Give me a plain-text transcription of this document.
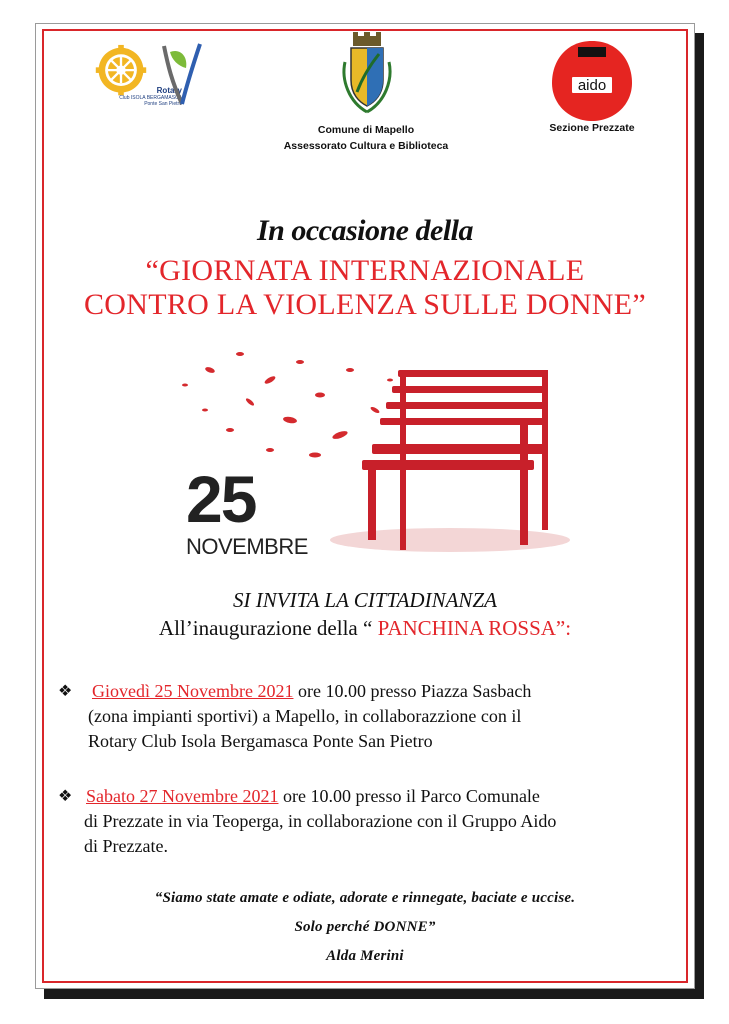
Rotary
Club ISOLA BERGAMASCA
Ponte San Pietro
aido
Comune di Mapello
Assessorato Cultura e Biblioteca
Sezione Prezzate
In occasione della
“GIORNATA INTERNAZIONALE
CONTRO LA VIOLENZA SULLE DONNE”
25
NOVEMBRE
SI INVITA LA CITTADINANZA
All’inaugurazione della “ PANCHINA ROSSA”:
❖	Giovedì 25 Novembre 2021 ore 10.00 presso Piazza Sasbach
(zona impianti sportivi) a Mapello, in collaborazzione con il
Rotary Club Isola Bergamasca Ponte San Pietro
❖ Sabato 27 Novembre 2021 ore 10.00 presso il Parco Comunale
di Prezzate in via Teoperga, in collaborazione con il Gruppo Aido
di Prezzate.
“Siamo state amate e odiate, adorate e rinnegate, baciate e uccise.
Solo perché DONNE”
Alda Merini
